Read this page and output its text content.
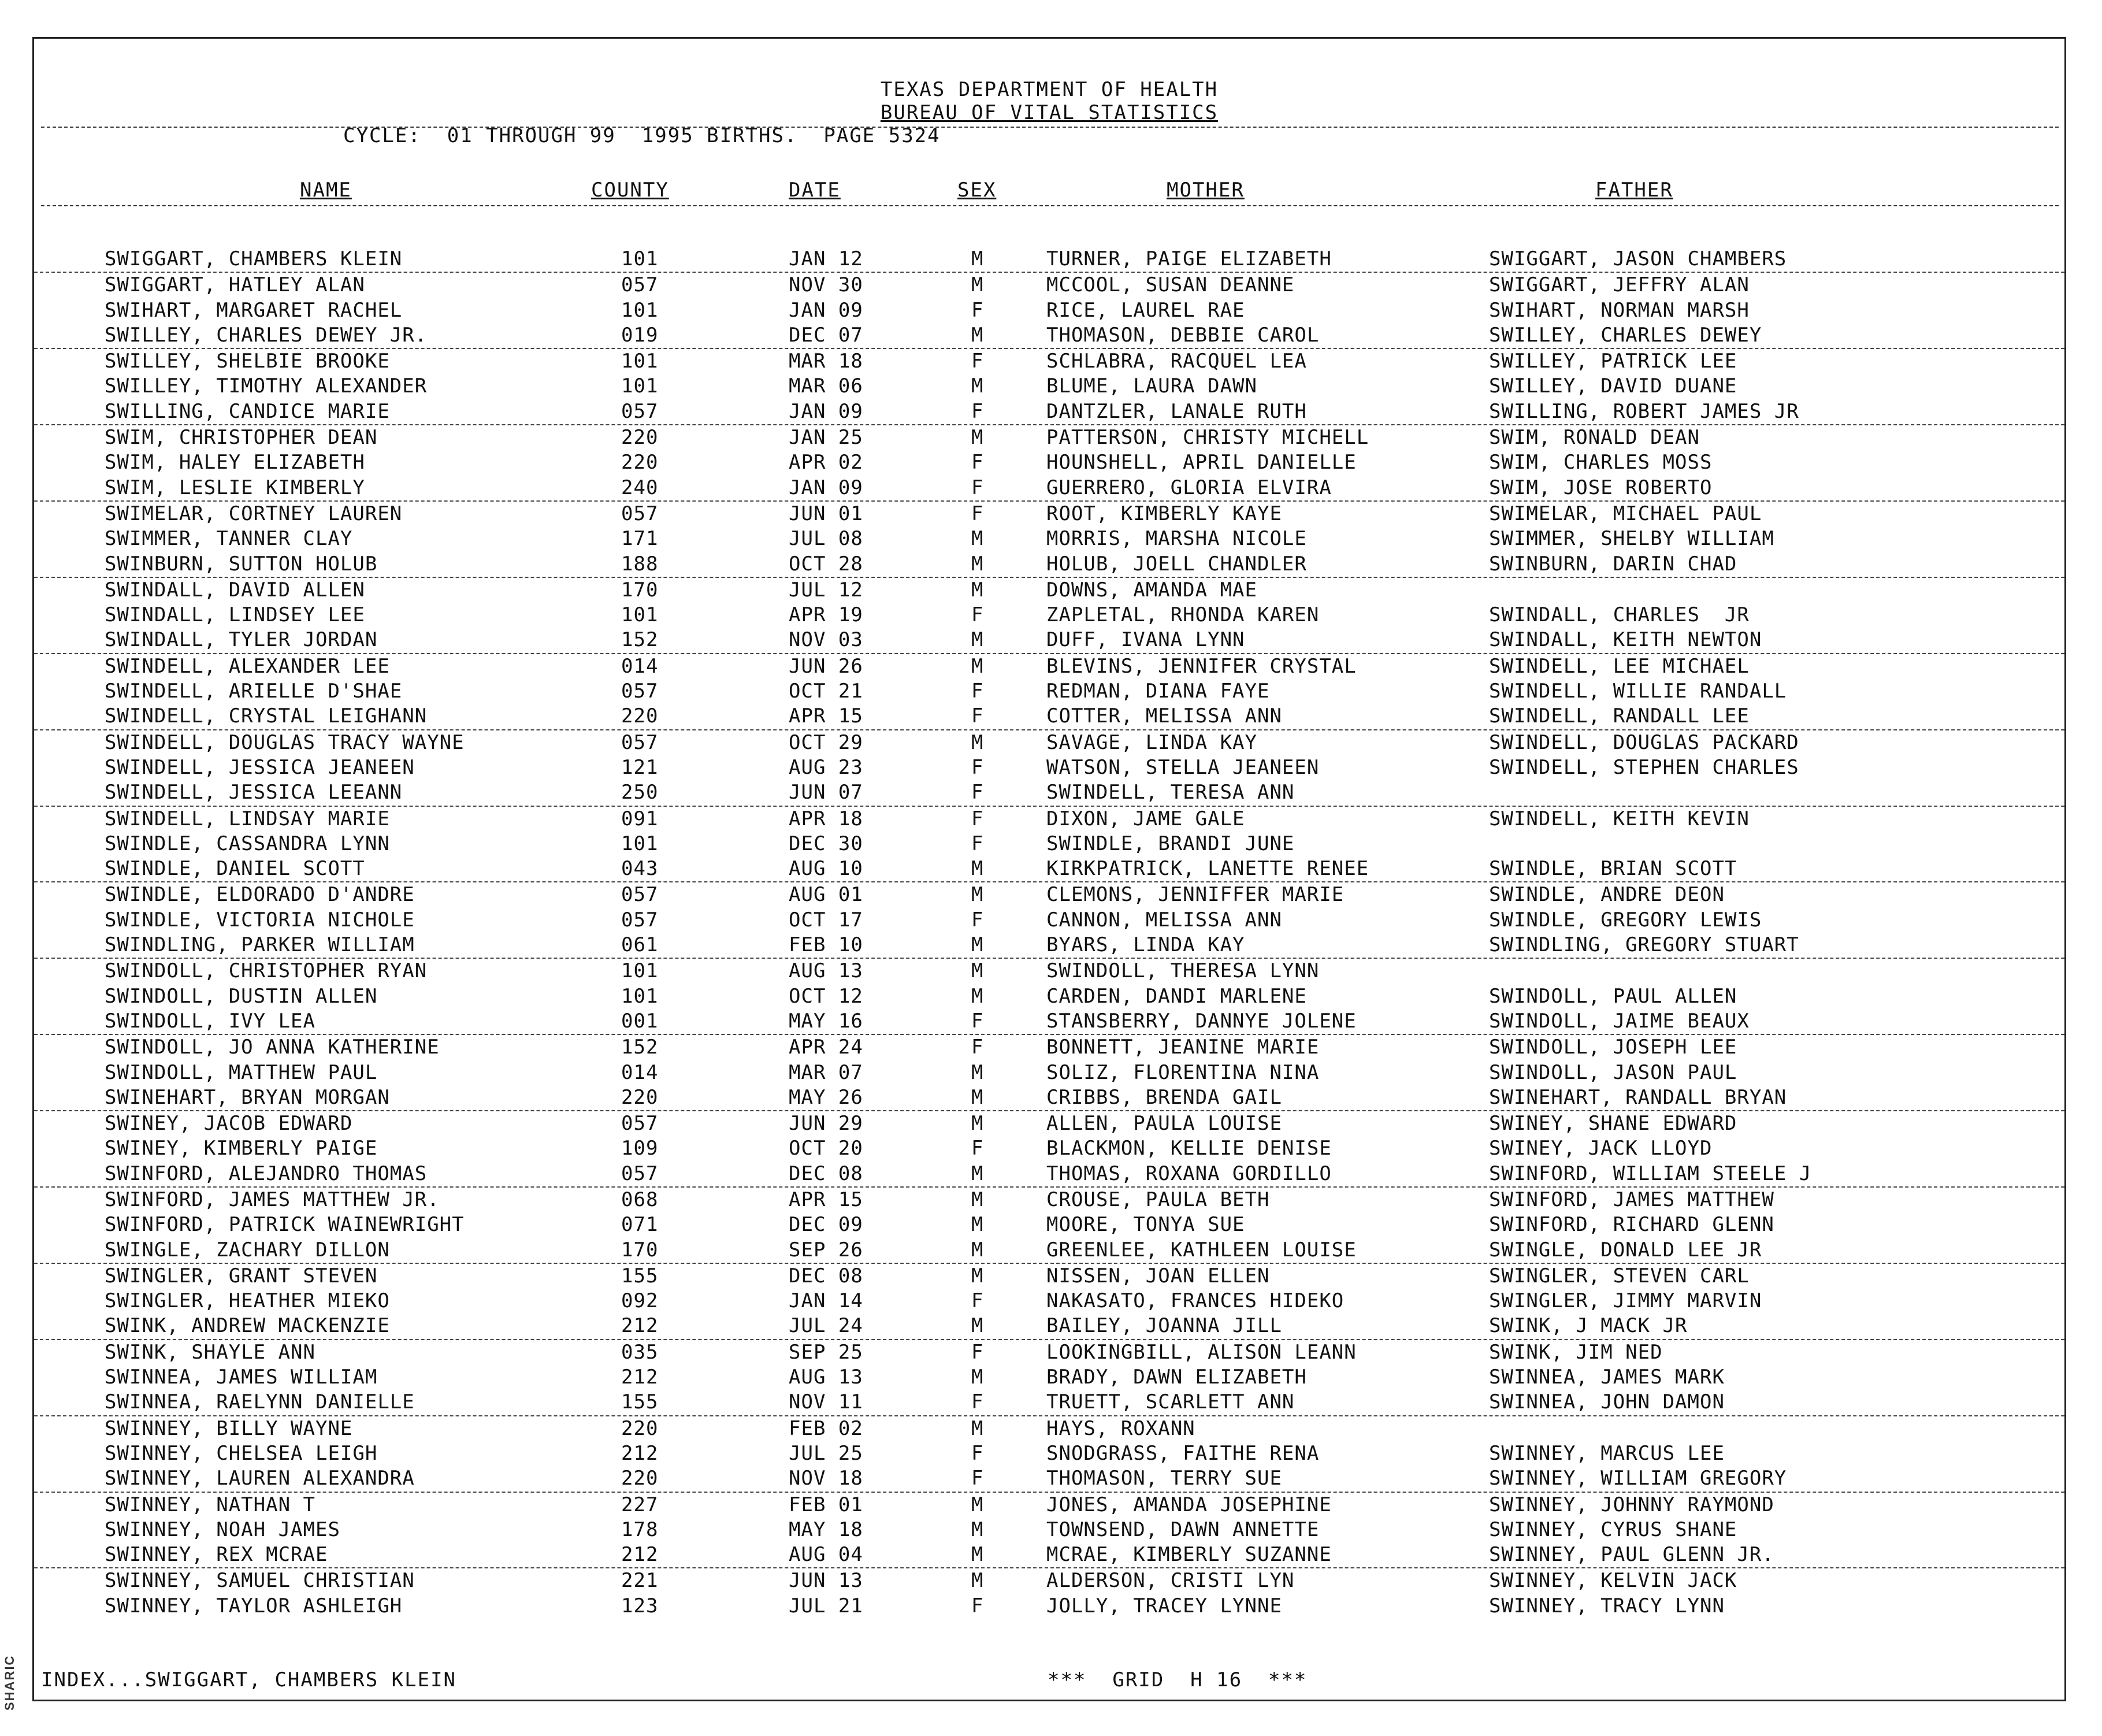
SHARIC
TEXAS DEPARTMENT OF HEALTH
BUREAU OF VITAL STATISTICS
CYCLE:  01 THROUGH 99  1995 BIRTHS.  PAGE 5324
NAME	COUNTY	DATE	SEX	MOTHER	FATHER
SWIGGART, CHAMBERS KLEIN	101	JAN 12	M	TURNER, PAIGE ELIZABETH	SWIGGART, JASON CHAMBERS
SWIGGART, HATLEY ALAN	057	NOV 30	M	MCCOOL, SUSAN DEANNE	SWIGGART, JEFFRY ALAN
SWIHART, MARGARET RACHEL	101	JAN 09	F	RICE, LAUREL RAE	SWIHART, NORMAN MARSH
SWILLEY, CHARLES DEWEY JR.	019	DEC 07	M	THOMASON, DEBBIE CAROL	SWILLEY, CHARLES DEWEY
SWILLEY, SHELBIE BROOKE	101	MAR 18	F	SCHLABRA, RACQUEL LEA	SWILLEY, PATRICK LEE
SWILLEY, TIMOTHY ALEXANDER	101	MAR 06	M	BLUME, LAURA DAWN	SWILLEY, DAVID DUANE
SWILLING, CANDICE MARIE	057	JAN 09	F	DANTZLER, LANALE RUTH	SWILLING, ROBERT JAMES JR
SWIM, CHRISTOPHER DEAN	220	JAN 25	M	PATTERSON, CHRISTY MICHELL	SWIM, RONALD DEAN
SWIM, HALEY ELIZABETH	220	APR 02	F	HOUNSHELL, APRIL DANIELLE	SWIM, CHARLES MOSS
SWIM, LESLIE KIMBERLY	240	JAN 09	F	GUERRERO, GLORIA ELVIRA	SWIM, JOSE ROBERTO
SWIMELAR, CORTNEY LAUREN	057	JUN 01	F	ROOT, KIMBERLY KAYE	SWIMELAR, MICHAEL PAUL
SWIMMER, TANNER CLAY	171	JUL 08	M	MORRIS, MARSHA NICOLE	SWIMMER, SHELBY WILLIAM
SWINBURN, SUTTON HOLUB	188	OCT 28	M	HOLUB, JOELL CHANDLER	SWINBURN, DARIN CHAD
SWINDALL, DAVID ALLEN	170	JUL 12	M	DOWNS, AMANDA MAE
SWINDALL, LINDSEY LEE	101	APR 19	F	ZAPLETAL, RHONDA KAREN	SWINDALL, CHARLES  JR
SWINDALL, TYLER JORDAN	152	NOV 03	M	DUFF, IVANA LYNN	SWINDALL, KEITH NEWTON
SWINDELL, ALEXANDER LEE	014	JUN 26	M	BLEVINS, JENNIFER CRYSTAL	SWINDELL, LEE MICHAEL
SWINDELL, ARIELLE D'SHAE	057	OCT 21	F	REDMAN, DIANA FAYE	SWINDELL, WILLIE RANDALL
SWINDELL, CRYSTAL LEIGHANN	220	APR 15	F	COTTER, MELISSA ANN	SWINDELL, RANDALL LEE
SWINDELL, DOUGLAS TRACY WAYNE	057	OCT 29	M	SAVAGE, LINDA KAY	SWINDELL, DOUGLAS PACKARD
SWINDELL, JESSICA JEANEEN	121	AUG 23	F	WATSON, STELLA JEANEEN	SWINDELL, STEPHEN CHARLES
SWINDELL, JESSICA LEEANN	250	JUN 07	F	SWINDELL, TERESA ANN
SWINDELL, LINDSAY MARIE	091	APR 18	F	DIXON, JAME GALE	SWINDELL, KEITH KEVIN
SWINDLE, CASSANDRA LYNN	101	DEC 30	F	SWINDLE, BRANDI JUNE
SWINDLE, DANIEL SCOTT	043	AUG 10	M	KIRKPATRICK, LANETTE RENEE	SWINDLE, BRIAN SCOTT
SWINDLE, ELDORADO D'ANDRE	057	AUG 01	M	CLEMONS, JENNIFFER MARIE	SWINDLE, ANDRE DEON
SWINDLE, VICTORIA NICHOLE	057	OCT 17	F	CANNON, MELISSA ANN	SWINDLE, GREGORY LEWIS
SWINDLING, PARKER WILLIAM	061	FEB 10	M	BYARS, LINDA KAY	SWINDLING, GREGORY STUART
SWINDOLL, CHRISTOPHER RYAN	101	AUG 13	M	SWINDOLL, THERESA LYNN
SWINDOLL, DUSTIN ALLEN	101	OCT 12	M	CARDEN, DANDI MARLENE	SWINDOLL, PAUL ALLEN
SWINDOLL, IVY LEA	001	MAY 16	F	STANSBERRY, DANNYE JOLENE	SWINDOLL, JAIME BEAUX
SWINDOLL, JO ANNA KATHERINE	152	APR 24	F	BONNETT, JEANINE MARIE	SWINDOLL, JOSEPH LEE
SWINDOLL, MATTHEW PAUL	014	MAR 07	M	SOLIZ, FLORENTINA NINA	SWINDOLL, JASON PAUL
SWINEHART, BRYAN MORGAN	220	MAY 26	M	CRIBBS, BRENDA GAIL	SWINEHART, RANDALL BRYAN
SWINEY, JACOB EDWARD	057	JUN 29	M	ALLEN, PAULA LOUISE	SWINEY, SHANE EDWARD
SWINEY, KIMBERLY PAIGE	109	OCT 20	F	BLACKMON, KELLIE DENISE	SWINEY, JACK LLOYD
SWINFORD, ALEJANDRO THOMAS	057	DEC 08	M	THOMAS, ROXANA GORDILLO	SWINFORD, WILLIAM STEELE J
SWINFORD, JAMES MATTHEW JR.	068	APR 15	M	CROUSE, PAULA BETH	SWINFORD, JAMES MATTHEW
SWINFORD, PATRICK WAINEWRIGHT	071	DEC 09	M	MOORE, TONYA SUE	SWINFORD, RICHARD GLENN
SWINGLE, ZACHARY DILLON	170	SEP 26	M	GREENLEE, KATHLEEN LOUISE	SWINGLE, DONALD LEE JR
SWINGLER, GRANT STEVEN	155	DEC 08	M	NISSEN, JOAN ELLEN	SWINGLER, STEVEN CARL
SWINGLER, HEATHER MIEKO	092	JAN 14	F	NAKASATO, FRANCES HIDEKO	SWINGLER, JIMMY MARVIN
SWINK, ANDREW MACKENZIE	212	JUL 24	M	BAILEY, JOANNA JILL	SWINK, J MACK JR
SWINK, SHAYLE ANN	035	SEP 25	F	LOOKINGBILL, ALISON LEANN	SWINK, JIM NED
SWINNEA, JAMES WILLIAM	212	AUG 13	M	BRADY, DAWN ELIZABETH	SWINNEA, JAMES MARK
SWINNEA, RAELYNN DANIELLE	155	NOV 11	F	TRUETT, SCARLETT ANN	SWINNEA, JOHN DAMON
SWINNEY, BILLY WAYNE	220	FEB 02	M	HAYS, ROXANN
SWINNEY, CHELSEA LEIGH	212	JUL 25	F	SNODGRASS, FAITHE RENA	SWINNEY, MARCUS LEE
SWINNEY, LAUREN ALEXANDRA	220	NOV 18	F	THOMASON, TERRY SUE	SWINNEY, WILLIAM GREGORY
SWINNEY, NATHAN T	227	FEB 01	M	JONES, AMANDA JOSEPHINE	SWINNEY, JOHNNY RAYMOND
SWINNEY, NOAH JAMES	178	MAY 18	M	TOWNSEND, DAWN ANNETTE	SWINNEY, CYRUS SHANE
SWINNEY, REX MCRAE	212	AUG 04	M	MCRAE, KIMBERLY SUZANNE	SWINNEY, PAUL GLENN JR.
SWINNEY, SAMUEL CHRISTIAN	221	JUN 13	M	ALDERSON, CRISTI LYN	SWINNEY, KELVIN JACK
SWINNEY, TAYLOR ASHLEIGH	123	JUL 21	F	JOLLY, TRACEY LYNNE	SWINNEY, TRACY LYNN
INDEX...SWIGGART, CHAMBERS KLEIN	***  GRID  H 16  ***
